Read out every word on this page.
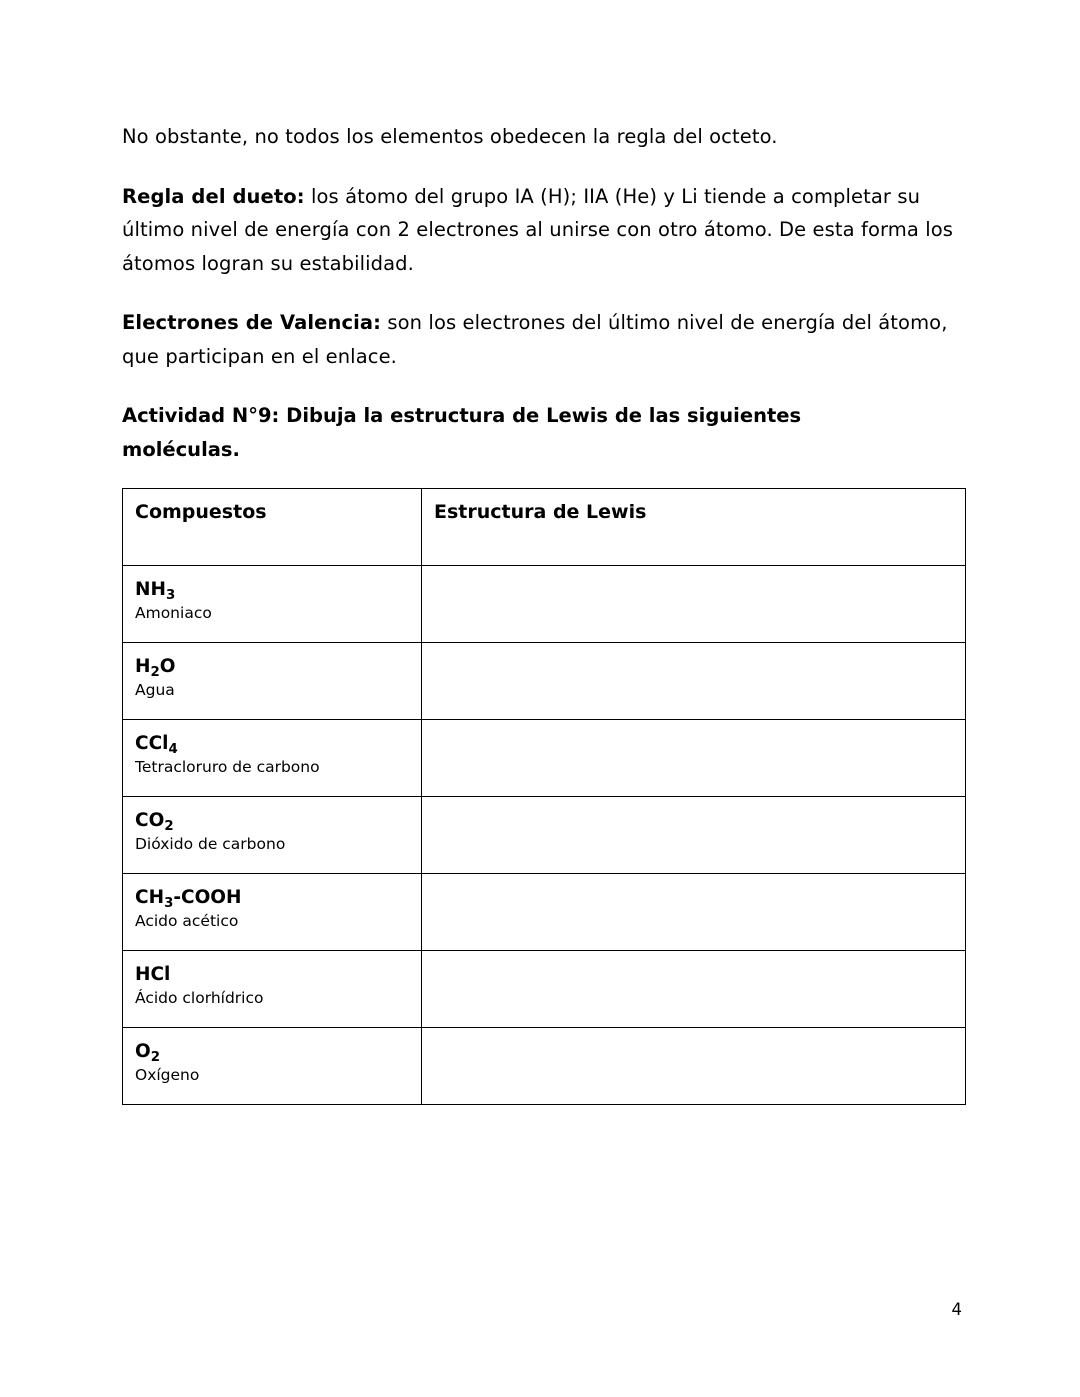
No obstante, no todos los elementos obedecen la regla del octeto.

Regla del dueto: los átomo del grupo IA (H); IIA (He) y Li tiende a completar su último nivel de energía con 2 electrones al unirse con otro átomo. De esta forma los átomos logran su estabilidad.

Electrones de Valencia: son los electrones del último nivel de energía del átomo, que participan en el enlace.

Actividad N°9: Dibuja la estructura de Lewis de las siguientes moléculas.
Compuestos	Estructura de Lewis

$NH_3$
Amoniaco	

$H_2O$
Agua	

CCl$_4$
Tetracloruro de carbono	

$CO_2$
Dióxido de carbono	

$CH_3$-COOH
Acido acético	

HCl
Ácido clorhídrico	

$O_2$
Oxígeno	

4
